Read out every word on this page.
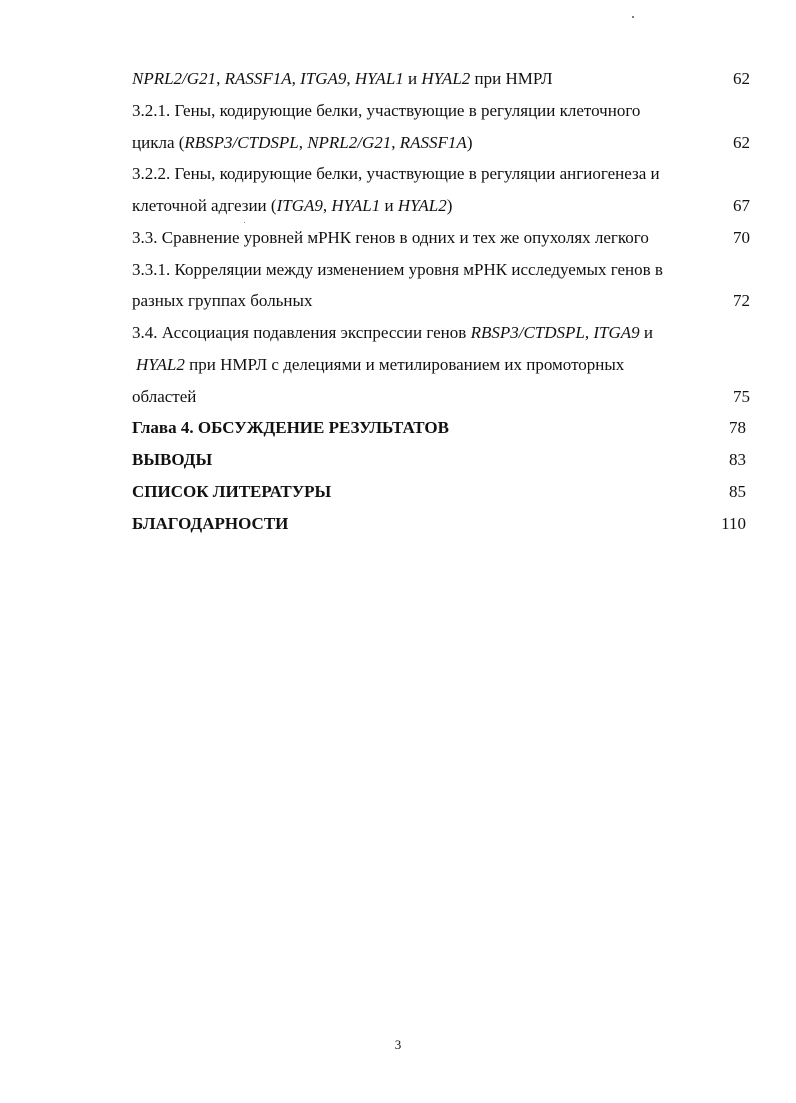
NPRL2/G21, RASSF1A, ITGA9, HYAL1 и HYAL2 при НМРЛ	62
3.2.1. Гены, кодирующие белки, участвующие в регуляции клеточного
цикла (RBSP3/CTDSPL, NPRL2/G21, RASSF1A)	62
3.2.2. Гены, кодирующие белки, участвующие в регуляции ангиогенеза и
клеточной адгезии (ITGA9, HYAL1 и HYAL2)	67
3.3. Сравнение уровней мРНК генов в одних и тех же опухолях легкого	70
3.3.1. Корреляции между изменением уровня мРНК исследуемых генов в
разных группах больных	72
3.4. Ассоциация подавления экспрессии генов RBSP3/CTDSPL, ITGA9 и
HYAL2 при НМРЛ с делециями и метилированием их промоторных
областей	75
Глава 4. ОБСУЖДЕНИЕ РЕЗУЛЬТАТОВ	78
ВЫВОДЫ	83
СПИСОК ЛИТЕРАТУРЫ	85
БЛАГОДАРНОСТИ	110
3
